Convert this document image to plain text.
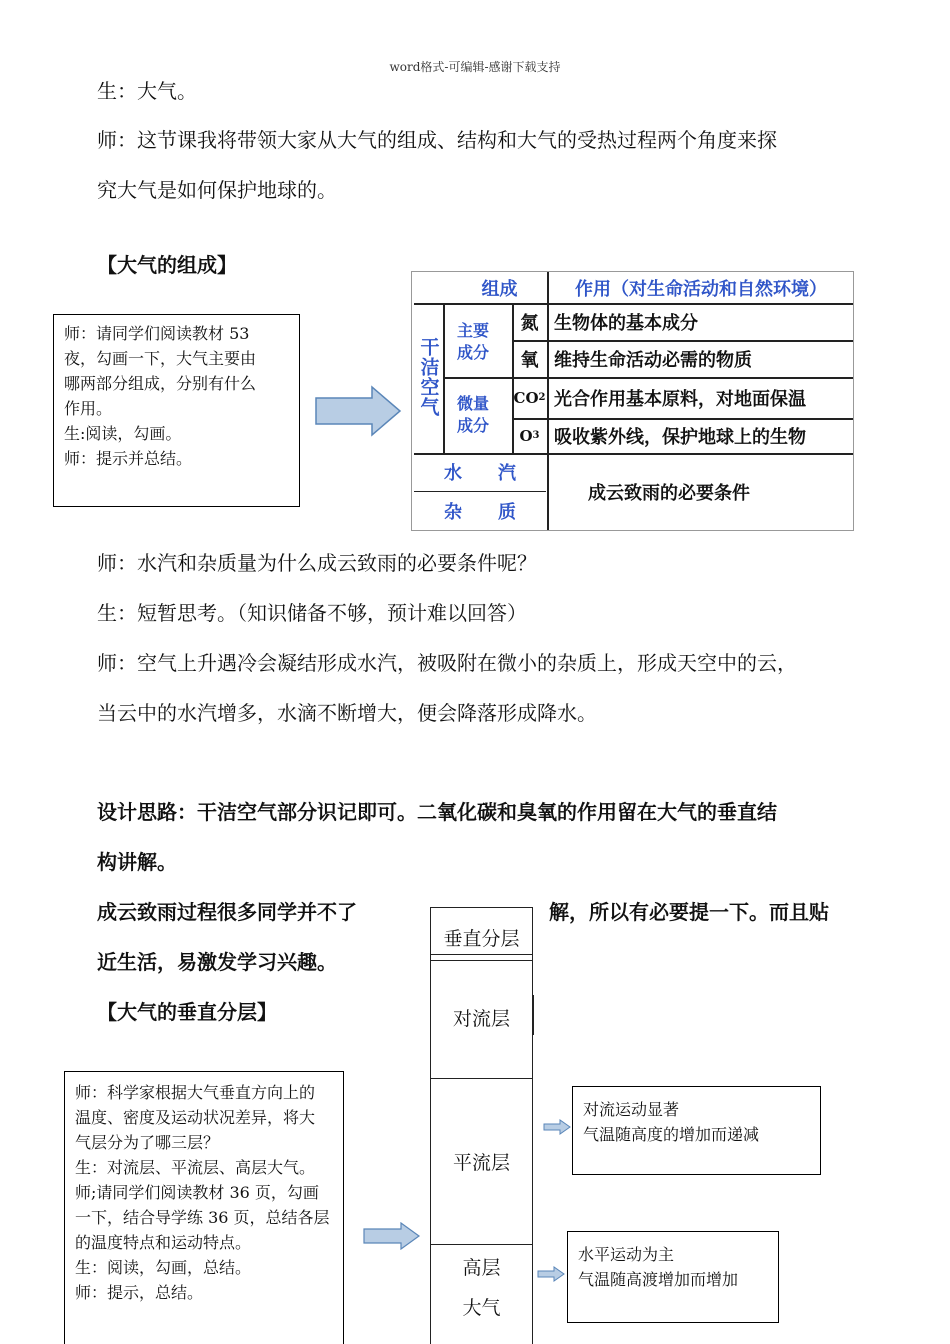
word格式-可编辑-感谢下载支持
生：大气。
师：这节课我将带领大家从大气的组成、结构和大气的受热过程两个角度来探
究大气是如何保护地球的。
【大气的组成】
师：请同学们阅读教材 53
夜，勾画一下，大气主要由
哪两部分组成，分别有什么
作用。
生:阅读，勾画。
师：提示并总结。
组成	作用（对生命活动和自然环境）
干洁空气
主要成分
微量成分
氮 生物体的基本成分
氧 维持生命活动必需的物质
CO 2 光合作用基本原料，对地面保温
O 3 吸收紫外线，保护地球上的生物
水　　汽
杂　　质
成云致雨的必要条件
师：水汽和杂质量为什么成云致雨的必要条件呢？
生：短暂思考。（知识储备不够，预计难以回答）
师：空气上升遇冷会凝结形成水汽，被吸附在微小的杂质上，形成天空中的云，
当云中的水汽增多，水滴不断增大，便会降落形成降水。
设计思路：干洁空气部分识记即可。二氧化碳和臭氧的作用留在大气的垂直结
构讲解。
成云致雨过程很多同学并不了	解，所以有必要提一下。而且贴
近生活，易激发学习兴趣。
【大气的垂直分层】
垂直分层
对流层
平流层
高层
大气
师：科学家根据大气垂直方向上的
温度、密度及运动状况差异，将大
气层分为了哪三层？
生：对流层、平流层、高层大气。
师;请同学们阅读教材 36 页，勾画
一下，结合导学练 36 页，总结各层
的温度特点和运动特点。
生：阅读，勾画，总结。
师：提示，总结。
对流运动显著
气温随高度的增加而递减
水平运动为主
气温随高渡增加而增加
